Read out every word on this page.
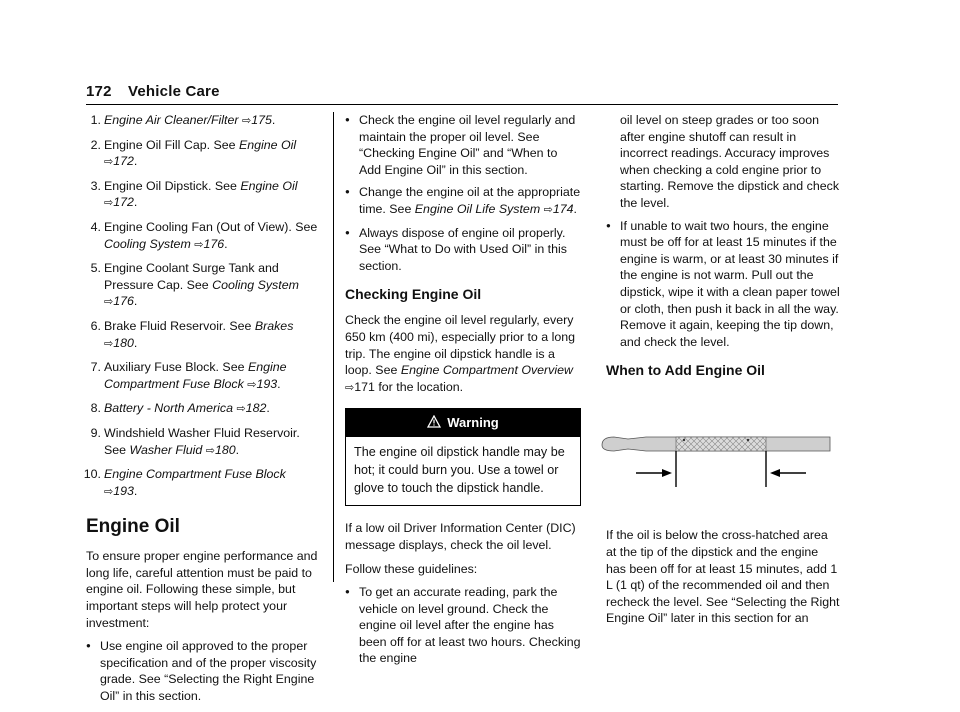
172 Vehicle Care
1. Engine Air Cleaner/Filter ⇨175.
2. Engine Oil Fill Cap. See Engine Oil ⇨172.
3. Engine Oil Dipstick. See Engine Oil ⇨172.
4. Engine Cooling Fan (Out of View). See Cooling System ⇨176.
5. Engine Coolant Surge Tank and Pressure Cap. See Cooling System ⇨176.
6. Brake Fluid Reservoir. See Brakes ⇨180.
7. Auxiliary Fuse Block. See Engine Compartment Fuse Block ⇨193.
8. Battery - North America ⇨182.
9. Windshield Washer Fluid Reservoir. See Washer Fluid ⇨180.
10. Engine Compartment Fuse Block ⇨193.
Engine Oil

To ensure proper engine performance and long life, careful attention must be paid to engine oil. Following these simple, but important steps will help protect your investment:

● Use engine oil approved to the proper specification and of the proper viscosity grade. See “Selecting the Right Engine Oil” in this section.
● Check the engine oil level regularly and maintain the proper oil level. See “Checking Engine Oil” and “When to Add Engine Oil” in this section.
● Change the engine oil at the appropriate time. See Engine Oil Life System ⇨174.
● Always dispose of engine oil properly. See “What to Do with Used Oil” in this section.
Checking Engine Oil

Check the engine oil level regularly, every 650 km (400 mi), especially prior to a long trip. The engine oil dipstick handle is a loop. See Engine Compartment Overview ⇨171 for the location.

Warning
The engine oil dipstick handle may be hot; it could burn you. Use a towel or glove to touch the dipstick handle.

If a low oil Driver Information Center (DIC) message displays, check the oil level.

Follow these guidelines:

● To get an accurate reading, park the vehicle on level ground. Check the engine oil level after the engine has been off for at least two hours. Checking the engine

oil level on steep grades or too soon after engine shutoff can result in incorrect readings. Accuracy improves when checking a cold engine prior to starting. Remove the dipstick and check the level.

● If unable to wait two hours, the engine must be off for at least 15 minutes if the engine is warm, or at least 30 minutes if the engine is not warm. Pull out the dipstick, wipe it with a clean paper towel or cloth, then push it back in all the way. Remove it again, keeping the tip down, and check the level.
When to Add Engine Oil

If the oil is below the cross-hatched area at the tip of the dipstick and the engine has been off for at least 15 minutes, add 1 L (1 qt) of the recommended oil and then recheck the level. See “Selecting the Right Engine Oil” later in this section for an
